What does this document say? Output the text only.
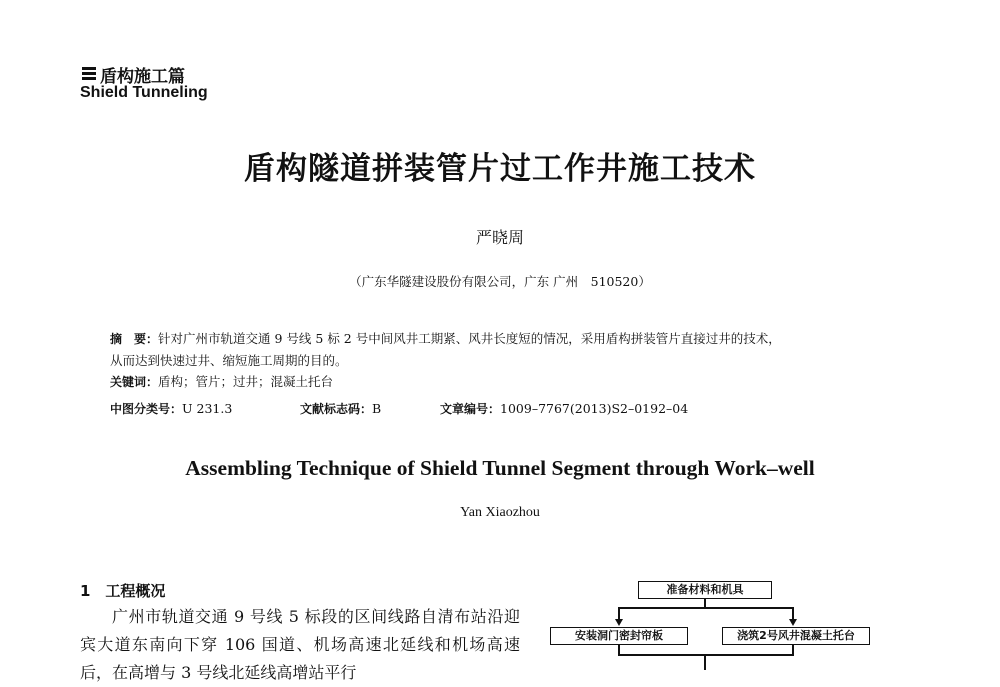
盾构施工篇
Shield Tunneling
盾构隧道拼装管片过工作井施工技术
严晓周
（广东华隧建设股份有限公司，广东 广州　510520）
摘　要：针对广州市轨道交通 9 号线 5 标 2 号中间风井工期紧、风井长度短的情况，采用盾构拼装管片直接过井的技术，
从而达到快速过井、缩短施工周期的目的。
关键词：盾构；管片；过井；混凝土托台
中图分类号：U 231.3	文献标志码：B	文章编号：1009–7767(2013)S2–0192–04
Assembling Technique of Shield Tunnel Segment through Work–well
Yan Xiaozhou
1　工程概况

广州市轨道交通 9 号线 5 标段的区间线路自清布站沿迎宾大道东南向下穿 106 国道、机场高速北延线和机场高速后，在高增与 3 号线北延线高增站平行

准备材料和机具
安装洞门密封帘板	浇筑2号风井混凝土托台
